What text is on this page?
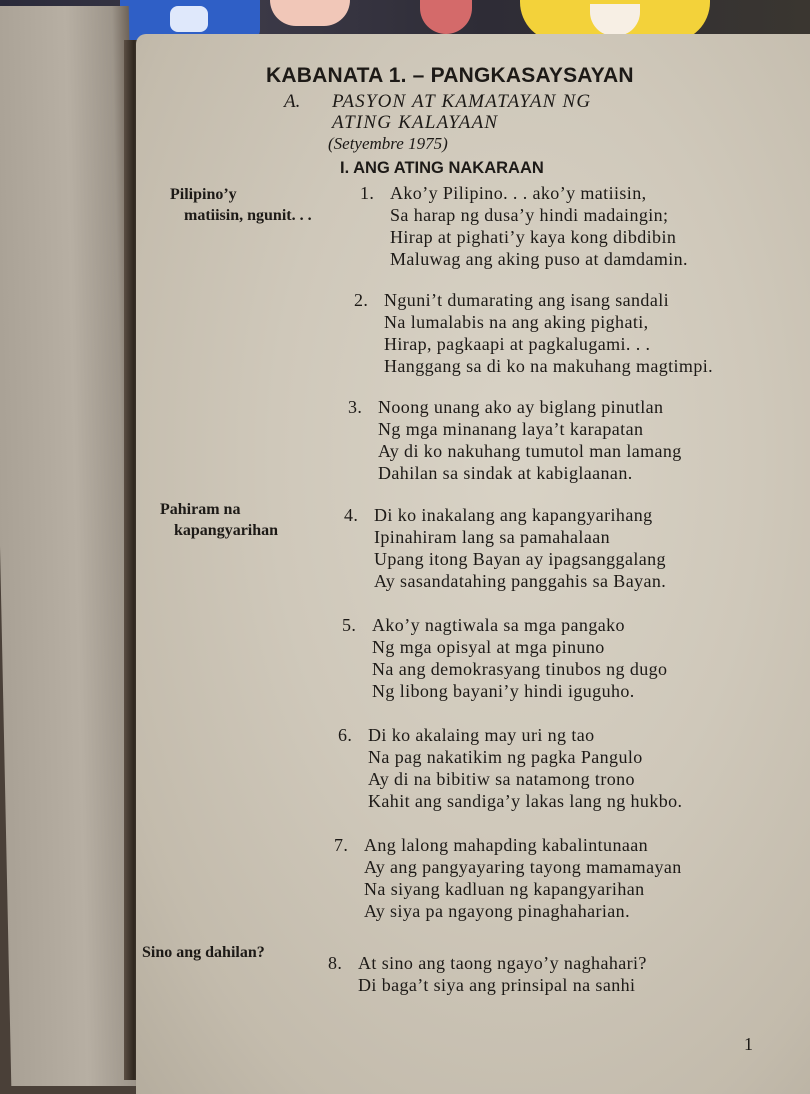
KABANATA 1. – PANGKASAYSAYAN
A. PASYON AT KAMATAYAN NG ATING KALAYAAN
(Setyembre 1975)
I. ANG ATING NAKARAAN
Pilipino’y
matiisin, ngunit. . .
Pahiram na
kapangyarihan
Sino ang dahilan?
1. Ako’y Pilipino. . . ako’y matiisin,
Sa harap ng dusa’y hindi madaingin;
Hirap at pighati’y kaya kong dibdibin
Maluwag ang aking puso at damdamin.
2. Nguni’t dumarating ang isang sandali
Na lumalabis na ang aking pighati,
Hirap, pagkaapi at pagkalugami. . .
Hanggang sa di ko na makuhang magtimpi.
3. Noong unang ako ay biglang pinutlan
Ng mga minanang laya’t karapatan
Ay di ko nakuhang tumutol man lamang
Dahilan sa sindak at kabiglaanan.
4. Di ko inakalang ang kapangyarihang
Ipinahiram lang sa pamahalaan
Upang itong Bayan ay ipagsanggalang
Ay sasandatahing panggahis sa Bayan.
5. Ako’y nagtiwala sa mga pangako
Ng mga opisyal at mga pinuno
Na ang demokrasyang tinubos ng dugo
Ng libong bayani’y hindi iguguho.
6. Di ko akalaing may uri ng tao
Na pag nakatikim ng pagka Pangulo
Ay di na bibitiw sa natamong trono
Kahit ang sandiga’y lakas lang ng hukbo.
7. Ang lalong mahapding kabalintunaan
Ay ang pangyayaring tayong mamamayan
Na siyang kadluan ng kapangyarihan
Ay siya pa ngayong pinaghaharian.
8. At sino ang taong ngayo’y naghahari?
Di baga’t siya ang prinsipal na sanhi
1
